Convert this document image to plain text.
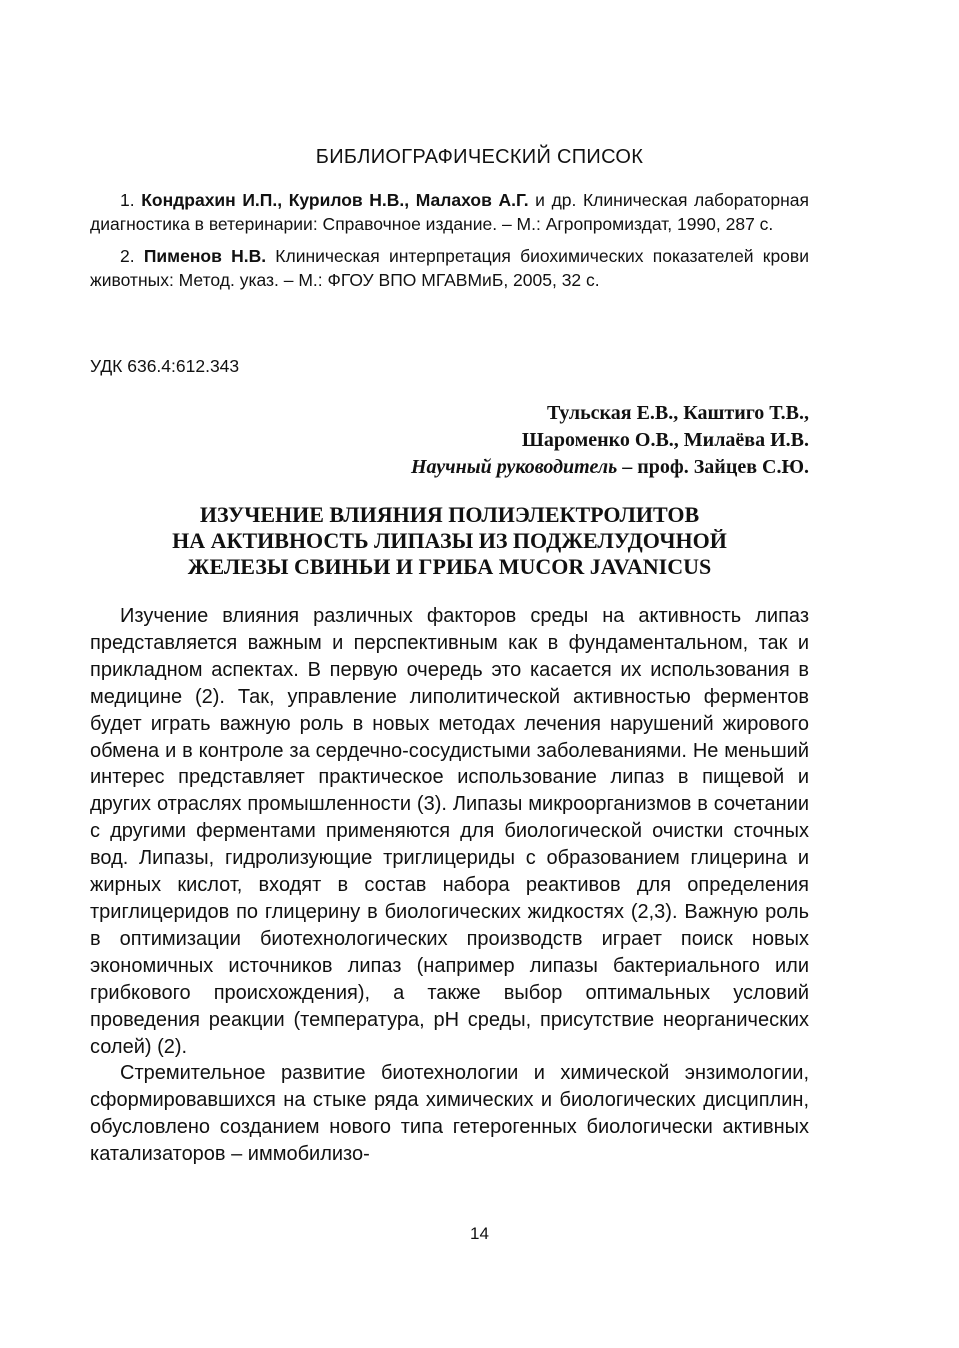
БИБЛИОГРАФИЧЕСКИЙ СПИСОК

1. Кондрахин И.П., Курилов Н.В., Малахов А.Г. и др. Клиническая лабораторная диагностика в ветеринарии: Справочное издание. – М.: Агропромиздат, 1990, 287 с.

2. Пименов Н.В. Клиническая интерпретация биохимических показателей крови животных: Метод. указ. – М.: ФГОУ ВПО МГАВМиБ, 2005, 32 с.

УДК 636.4:612.343
Тульская Е.В., Каштиго Т.В.,
Шароменко О.В., Милаёва И.В.
Научный руководитель – проф. Зайцев С.Ю.
ИЗУЧЕНИЕ ВЛИЯНИЯ ПОЛИЭЛЕКТРОЛИТОВ
НА АКТИВНОСТЬ ЛИПАЗЫ ИЗ ПОДЖЕЛУДОЧНОЙ
ЖЕЛЕЗЫ СВИНЬИ И ГРИБА MUCOR JAVANICUS

Изучение влияния различных факторов среды на активность липаз представляется важным и перспективным как в фундаментальном, так и прикладном аспектах. В первую очередь это касается их использования в медицине (2). Так, управление липолитической активностью ферментов будет играть важную роль в новых методах лечения нарушений жирового обмена и в контроле за сердечно-сосудистыми заболеваниями. Не меньший интерес представляет практическое использование липаз в пищевой и других отраслях промышленности (3). Липазы микроорганизмов в сочетании с другими ферментами применяются для биологической очистки сточных вод. Липазы, гидролизующие триглицериды с образованием глицерина и жирных кислот, входят в состав набора реактивов для определения триглицеридов по глицерину в биологических жидкостях (2,3). Важную роль в оптимизации биотехнологических производств играет поиск новых экономичных источников липаз (например липазы бактериального или грибкового происхождения), а также выбор оптимальных условий проведения реакции (температура, pH среды, присутствие неорганических солей) (2).

Стремительное развитие биотехнологии и химической энзимологии, сформировавшихся на стыке ряда химических и биологических дисциплин, обусловлено созданием нового типа гетерогенных биологически активных катализаторов – иммобилизо-

14
